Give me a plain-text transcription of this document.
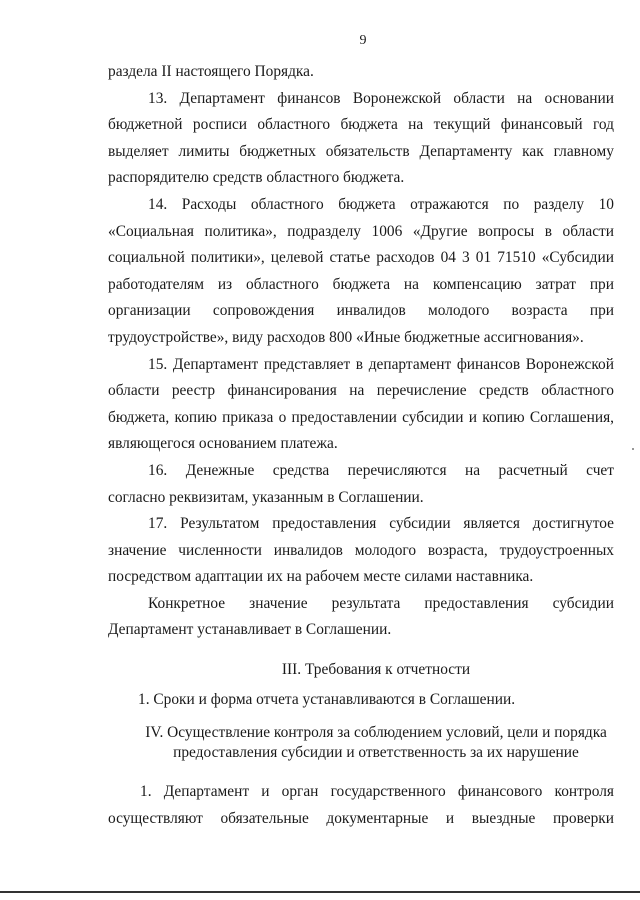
9
раздела II настоящего Порядка.
13. Департамент финансов Воронежской области на основании
бюджетной росписи областного бюджета на текущий финансовый год
выделяет лимиты бюджетных обязательств Департаменту как главному
распорядителю средств областного бюджета.
14. Расходы областного бюджета отражаются по разделу 10
«Социальная политика», подразделу 1006 «Другие вопросы в области
социальной политики», целевой статье расходов 04 3 01 71510 «Субсидии
работодателям из областного бюджета на компенсацию затрат при
организации сопровождения инвалидов молодого возраста при
трудоустройстве», виду расходов 800 «Иные бюджетные ассигнования».
15. Департамент представляет в департамент финансов Воронежской
области реестр финансирования на перечисление средств областного
бюджета, копию приказа о предоставлении субсидии и копию Соглашения,
являющегося основанием платежа.
16. Денежные средства перечисляются на расчетный счет
согласно реквизитам, указанным в Соглашении.
17. Результатом предоставления субсидии является достигнутое
значение численности инвалидов молодого возраста, трудоустроенных
посредством адаптации их на рабочем месте силами наставника.
Конкретное значение результата предоставления субсидии
Департамент устанавливает в Соглашении.
III. Требования к отчетности
1. Сроки и форма отчета устанавливаются в Соглашении.
IV. Осуществление контроля за соблюдением условий, цели и порядка
предоставления субсидии и ответственность за их нарушение
1. Департамент и орган государственного финансового контроля
осуществляют обязательные документарные и выездные проверки
